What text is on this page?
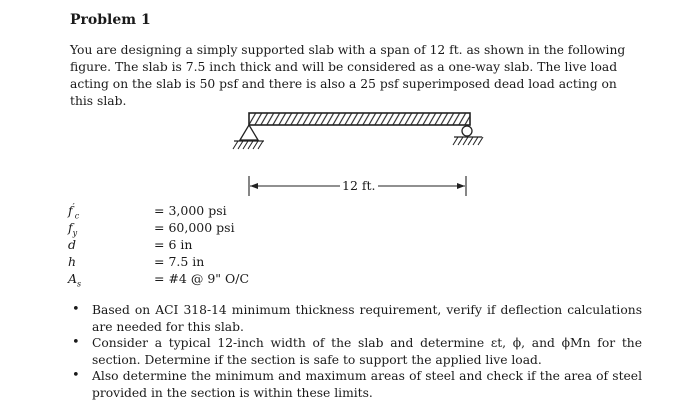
Problem 1
You are designing a simply supported slab with a span of 12 ft. as shown in the following figure. The slab is 7.5 inch thick and will be considered as a one-way slab. The live load acting on the slab is 50 psf and there is also a 25 psf superimposed dead load acting on this slab.
12 ft.
$f'_c$	= 3,000 psi
$f_y$	= 60,000 psi
d	= 6 in
h	= 7.5 in
$A_s$	= #4 @ 9" O/C
• Based on ACI 318-14 minimum thickness requirement, verify if deflection calculations are needed for this slab.
• Consider a typical 12-inch width of the slab and determine εt, ϕ, and ϕMn for the section. Determine if the section is safe to support the applied live load.
• Also determine the minimum and maximum areas of steel and check if the area of steel provided in the section is within these limits.
